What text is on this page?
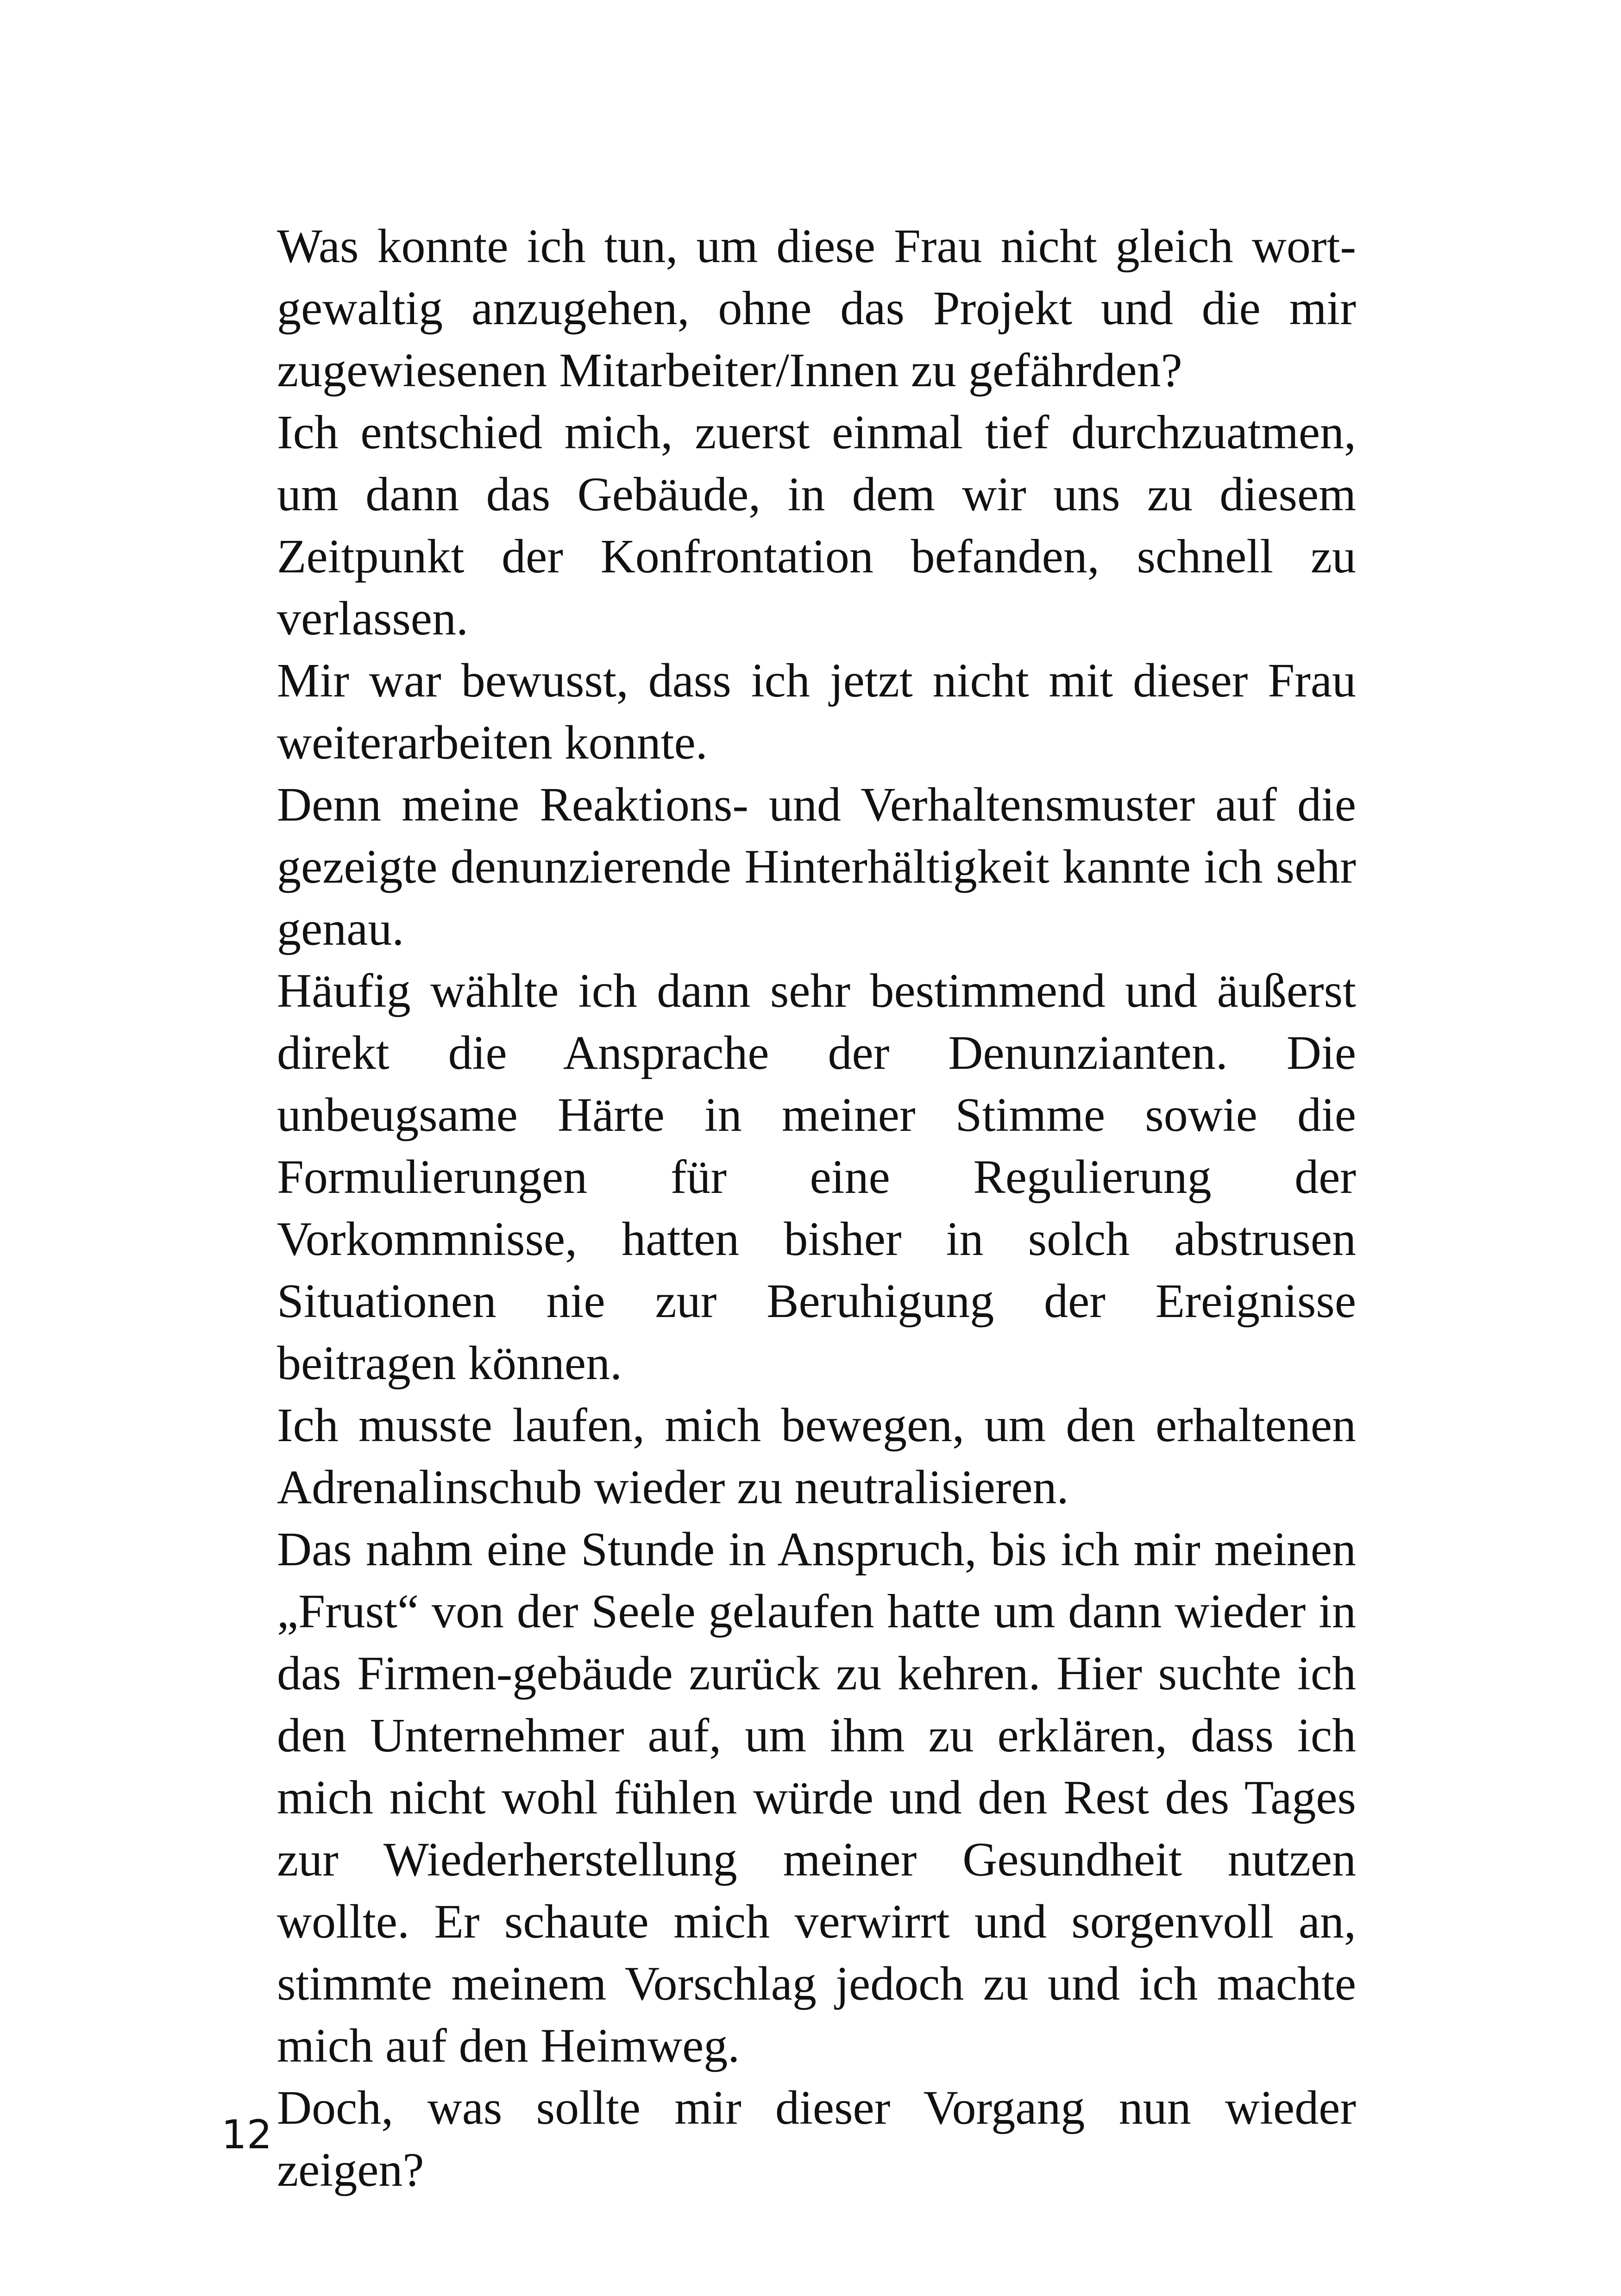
Was konnte ich tun, um diese Frau nicht gleich wort-gewaltig anzugehen, ohne das Projekt und die mir zugewiesenen Mitarbeiter/Innen zu gefährden?

Ich entschied mich, zuerst einmal tief durchzuatmen, um dann das Gebäude, in dem wir uns zu diesem Zeitpunkt der Konfrontation befanden, schnell zu verlassen.

Mir war bewusst, dass ich jetzt nicht mit dieser Frau weiterarbeiten konnte.

Denn meine Reaktions- und Verhaltensmuster auf die gezeigte denunzierende Hinterhältigkeit kannte ich sehr genau.

Häufig wählte ich dann sehr bestimmend und äußerst direkt die Ansprache der Denunzianten. Die unbeugsame Härte in meiner Stimme sowie die Formulierungen für eine Regulierung der Vorkommnisse, hatten bisher in solch abstrusen Situationen nie zur Beruhigung der Ereignisse beitragen können.

Ich musste laufen, mich bewegen, um den erhaltenen Adrenalinschub wieder zu neutralisieren.

Das nahm eine Stunde in Anspruch, bis ich mir meinen „Frust“ von der Seele gelaufen hatte um dann wieder in das Firmen-gebäude zurück zu kehren. Hier suchte ich den Unternehmer auf, um ihm zu erklären, dass ich mich nicht wohl fühlen würde und den Rest des Tages zur Wiederherstellung meiner Gesundheit nutzen wollte. Er schaute mich verwirrt und sorgenvoll an, stimmte meinem Vorschlag jedoch zu und ich machte mich auf den Heimweg.

Doch, was sollte mir dieser Vorgang nun wieder zeigen?

12
